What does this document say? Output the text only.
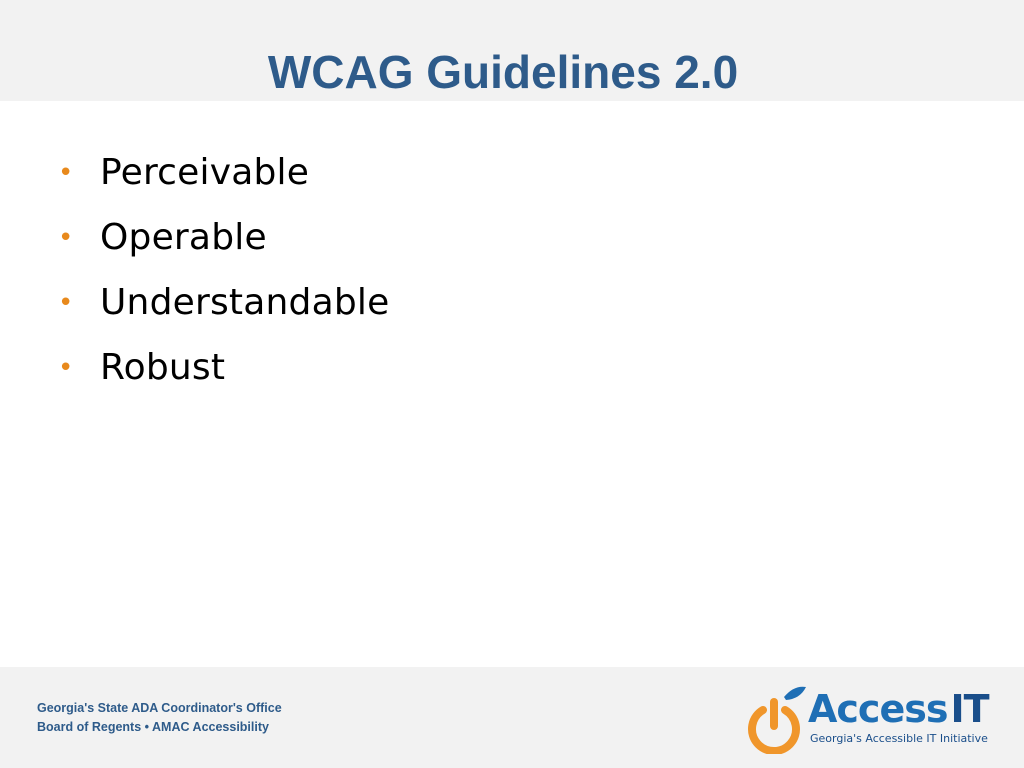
WCAG Guidelines 2.0
• Perceivable
• Operable
• Understandable
• Robust
Georgia's State ADA Coordinator's Office
Board of Regents • AMAC Accessibility	AccessIT
Georgia's Accessible IT Initiative
